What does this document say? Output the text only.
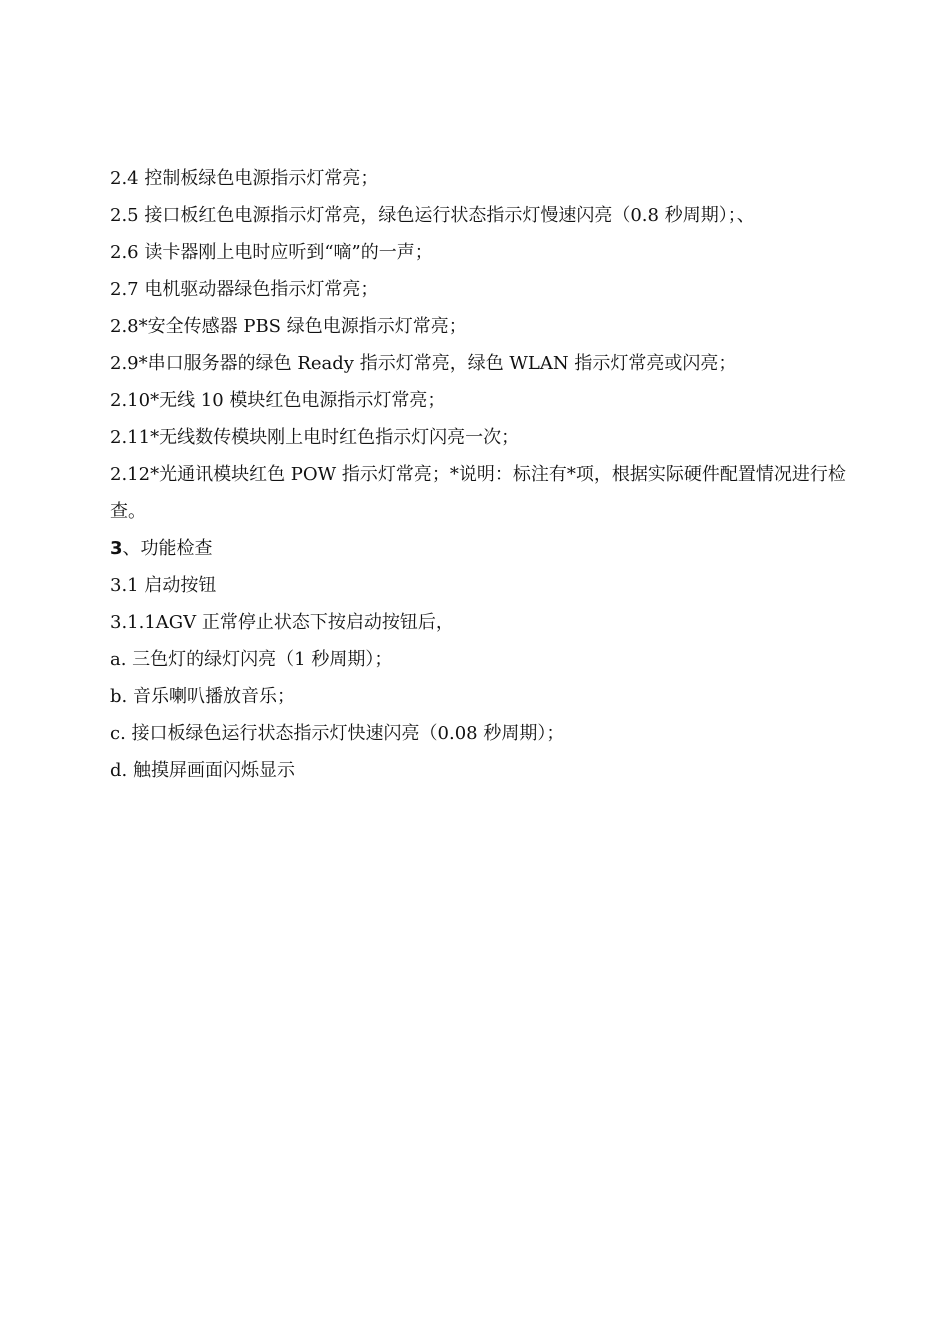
2.4 控制板绿色电源指示灯常亮；

2.5 接口板红色电源指示灯常亮，绿色运行状态指示灯慢速闪亮（0.8 秒周期）；、

2.6 读卡器刚上电时应听到“嘀”的一声；

2.7 电机驱动器绿色指示灯常亮；

2.8*安全传感器 PBS 绿色电源指示灯常亮；

2.9*串口服务器的绿色 Ready 指示灯常亮，绿色 WLAN 指示灯常亮或闪亮；

2.10*无线 10 模块红色电源指示灯常亮；

2.11*无线数传模块刚上电时红色指示灯闪亮一次；

2.12*光通讯模块红色 POW 指示灯常亮；*说明：标注有*项，根据实际硬件配置情况进行检查。

3、功能检查

3.1 启动按钮

3.1.1AGV 正常停止状态下按启动按钮后，

a. 三色灯的绿灯闪亮（1 秒周期）；

b. 音乐喇叭播放音乐；

c. 接口板绿色运行状态指示灯快速闪亮（0.08 秒周期）；

d. 触摸屏画面闪烁显示
